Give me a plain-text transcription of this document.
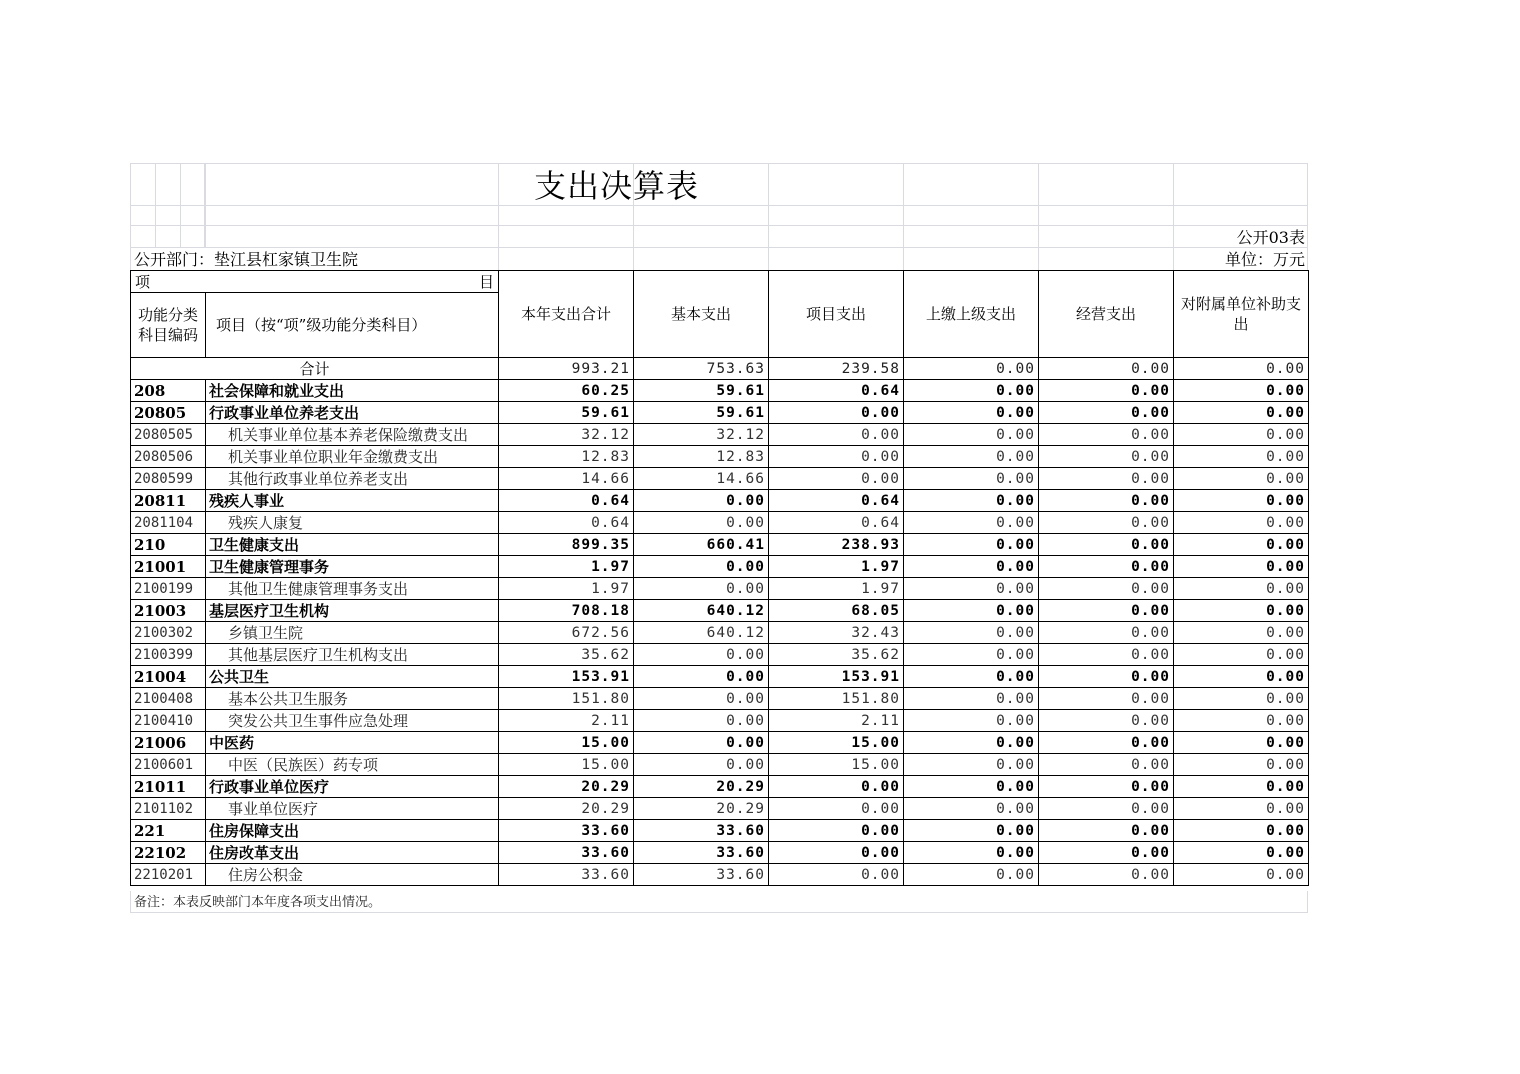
支出决算表
公开03表
公开部门：垫江县杠家镇卫生院	单位：万元
项 目		本年支出合计	基本支出	项目支出	上缴上级支出	经营支出	对附属单位补助支出
功能分类科目编码	项目（按“项”级功能分类科目）						
合计		993.21	753.63	239.58	0.00	0.00	0.00
208	社会保障和就业支出	60.25	59.61	0.64	0.00	0.00	0.00
20805	行政事业单位养老支出	59.61	59.61	0.00	0.00	0.00	0.00
2080505	机关事业单位基本养老保险缴费支出	32.12	32.12	0.00	0.00	0.00	0.00
2080506	机关事业单位职业年金缴费支出	12.83	12.83	0.00	0.00	0.00	0.00
2080599	其他行政事业单位养老支出	14.66	14.66	0.00	0.00	0.00	0.00
20811	残疾人事业	0.64	0.00	0.64	0.00	0.00	0.00
2081104	残疾人康复	0.64	0.00	0.64	0.00	0.00	0.00
210	卫生健康支出	899.35	660.41	238.93	0.00	0.00	0.00
21001	卫生健康管理事务	1.97	0.00	1.97	0.00	0.00	0.00
2100199	其他卫生健康管理事务支出	1.97	0.00	1.97	0.00	0.00	0.00
21003	基层医疗卫生机构	708.18	640.12	68.05	0.00	0.00	0.00
2100302	乡镇卫生院	672.56	640.12	32.43	0.00	0.00	0.00
2100399	其他基层医疗卫生机构支出	35.62	0.00	35.62	0.00	0.00	0.00
21004	公共卫生	153.91	0.00	153.91	0.00	0.00	0.00
2100408	基本公共卫生服务	151.80	0.00	151.80	0.00	0.00	0.00
2100410	突发公共卫生事件应急处理	2.11	0.00	2.11	0.00	0.00	0.00
21006	中医药	15.00	0.00	15.00	0.00	0.00	0.00
2100601	中医（民族医）药专项	15.00	0.00	15.00	0.00	0.00	0.00
21011	行政事业单位医疗	20.29	20.29	0.00	0.00	0.00	0.00
2101102	事业单位医疗	20.29	20.29	0.00	0.00	0.00	0.00
221	住房保障支出	33.60	33.60	0.00	0.00	0.00	0.00
22102	住房改革支出	33.60	33.60	0.00	0.00	0.00	0.00
2210201	住房公积金	33.60	33.60	0.00	0.00	0.00	0.00
备注：本表反映部门本年度各项支出情况。
